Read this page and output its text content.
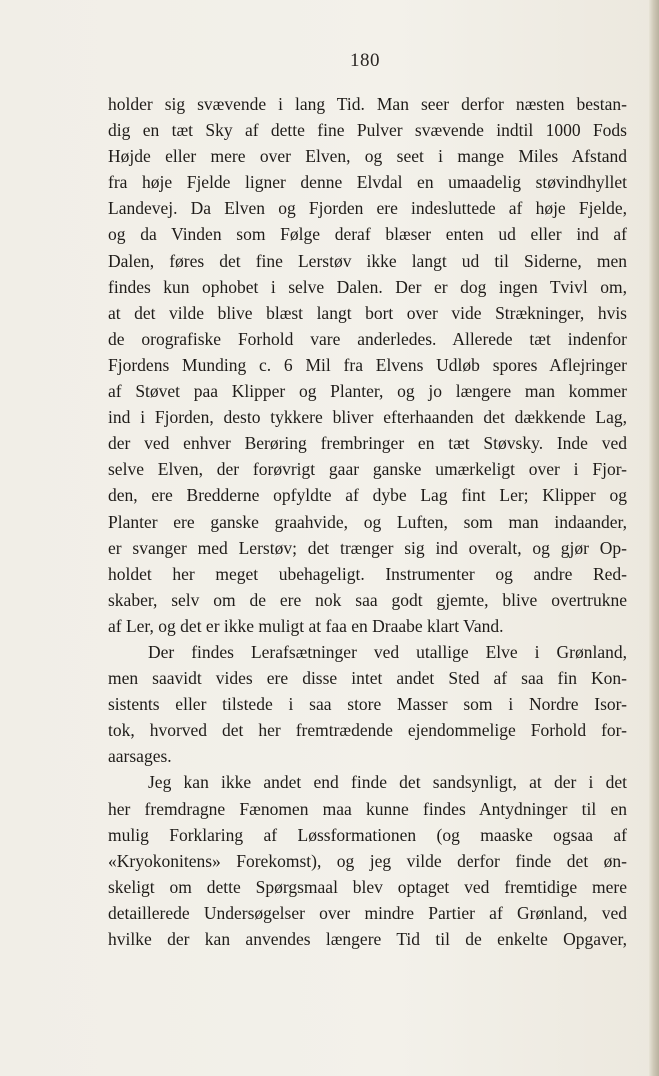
180
holder sig svævende i lang Tid. Man seer derfor næsten bestan-
dig en tæt Sky af dette fine Pulver svævende indtil 1000 Fods
Højde eller mere over Elven, og seet i mange Miles Afstand
fra høje Fjelde ligner denne Elvdal en umaadelig støvindhyllet
Landevej. Da Elven og Fjorden ere indesluttede af høje Fjelde,
og da Vinden som Følge deraf blæser enten ud eller ind af
Dalen, føres det fine Lerstøv ikke langt ud til Siderne, men
findes kun ophobet i selve Dalen. Der er dog ingen Tvivl om,
at det vilde blive blæst langt bort over vide Strækninger, hvis
de orografiske Forhold vare anderledes. Allerede tæt indenfor
Fjordens Munding c. 6 Mil fra Elvens Udløb spores Aflejringer
af Støvet paa Klipper og Planter, og jo længere man kommer
ind i Fjorden, desto tykkere bliver efterhaanden det dækkende Lag,
der ved enhver Berøring frembringer en tæt Støvsky. Inde ved
selve Elven, der forøvrigt gaar ganske umærkeligt over i Fjor-
den, ere Bredderne opfyldte af dybe Lag fint Ler; Klipper og
Planter ere ganske graahvide, og Luften, som man indaander,
er svanger med Lerstøv; det trænger sig ind overalt, og gjør Op-
holdet her meget ubehageligt. Instrumenter og andre Red-
skaber, selv om de ere nok saa godt gjemte, blive overtrukne
af Ler, og det er ikke muligt at faa en Draabe klart Vand.
Der findes Lerafsætninger ved utallige Elve i Grønland,
men saavidt vides ere disse intet andet Sted af saa fin Kon-
sistents eller tilstede i saa store Masser som i Nordre Isor-
tok, hvorved det her fremtrædende ejendommelige Forhold for-
aarsages.
Jeg kan ikke andet end finde det sandsynligt, at der i det
her fremdragne Fænomen maa kunne findes Antydninger til en
mulig Forklaring af Løssformationen (og maaske ogsaa af
«Kryokonitens» Forekomst), og jeg vilde derfor finde det øn-
skeligt om dette Spørgsmaal blev optaget ved fremtidige mere
detaillerede Undersøgelser over mindre Partier af Grønland, ved
hvilke der kan anvendes længere Tid til de enkelte Opgaver,
